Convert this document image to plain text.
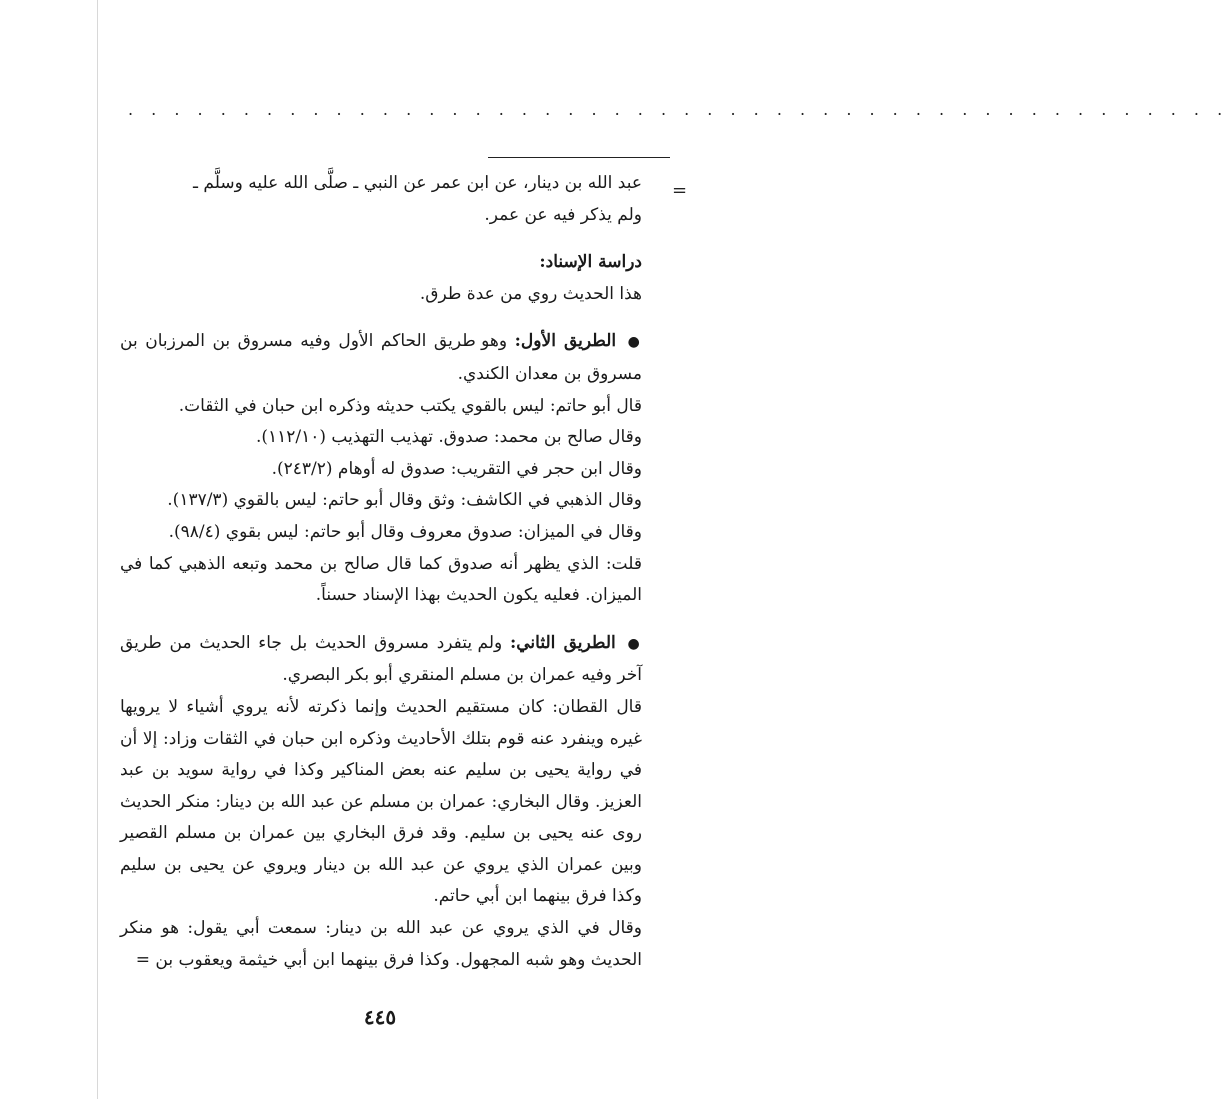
. . . . . . . . . . . . . . . . . . . . . . . . . . . . . . . . . . . . . . . . . . . . . . . .
=

عبد الله بن دينار، عن ابن عمر عن النبي ـ صلَّى الله عليه وسلَّم ـ

ولم يذكر فيه عن عمر.

دراسة الإسناد:

هذا الحديث روي من عدة طرق.

● الطريق الأول: وهو طريق الحاكم الأول وفيه مسروق بن المرزبان بن مسروق بن معدان الكندي.

قال أبو حاتم: ليس بالقوي يكتب حديثه وذكره ابن حبان في الثقات.

وقال صالح بن محمد: صدوق. تهذيب التهذيب (١١٢/١٠).

وقال ابن حجر في التقريب: صدوق له أوهام (٢٤٣/٢).

وقال الذهبي في الكاشف: وثق وقال أبو حاتم: ليس بالقوي (١٣٧/٣).

وقال في الميزان: صدوق معروف وقال أبو حاتم: ليس بقوي (٩٨/٤).

قلت: الذي يظهر أنه صدوق كما قال صالح بن محمد وتبعه الذهبي كما في الميزان. فعليه يكون الحديث بهذا الإسناد حسناً.

● الطريق الثاني: ولم يتفرد مسروق الحديث بل جاء الحديث من طريق آخر وفيه عمران بن مسلم المنقري أبو بكر البصري.

قال القطان: كان مستقيم الحديث وإنما ذكرته لأنه يروي أشياء لا يرويها غيره وينفرد عنه قوم بتلك الأحاديث وذكره ابن حبان في الثقات وزاد: إلا أن في رواية يحيى بن سليم عنه بعض المناكير وكذا في رواية سويد بن عبد العزيز. وقال البخاري: عمران بن مسلم عن عبد الله بن دينار: منكر الحديث روى عنه يحيى بن سليم. وقد فرق البخاري بين عمران بن مسلم القصير وبين عمران الذي يروي عن عبد الله بن دينار ويروي عن يحيى بن سليم وكذا فرق بينهما ابن أبي حاتم.

وقال في الذي يروي عن عبد الله بن دينار: سمعت أبي يقول: هو منكر الحديث وهو شبه المجهول. وكذا فرق بينهما ابن أبي خيثمة ويعقوب بن =

٤٤٥
